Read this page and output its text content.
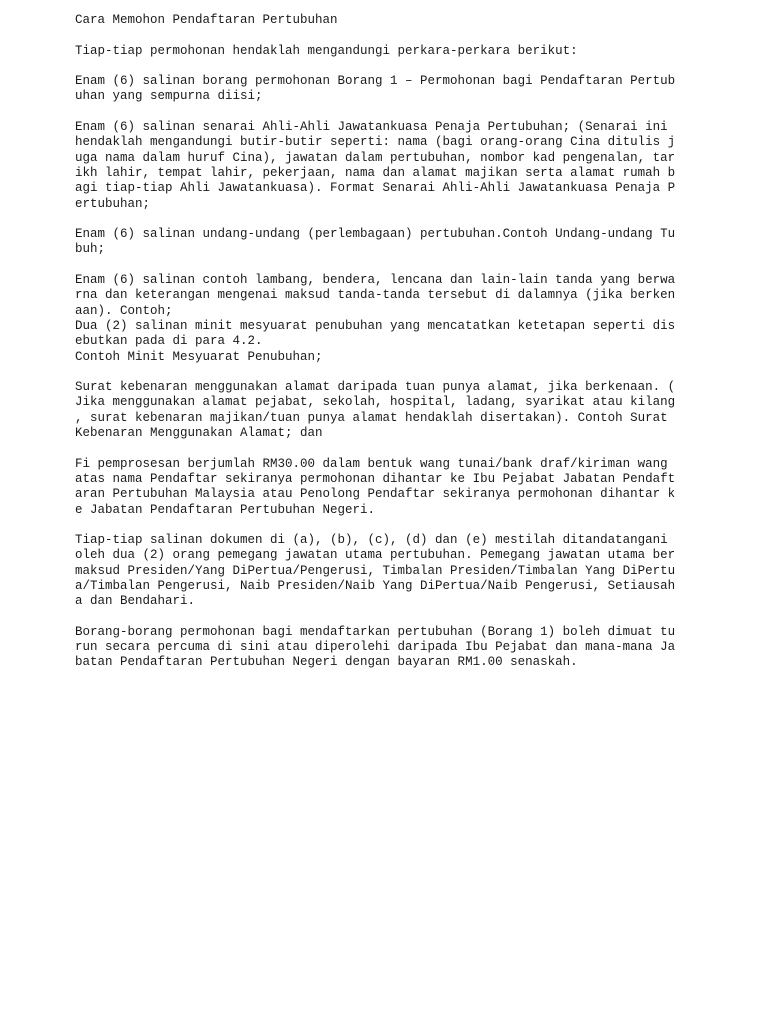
Cara Memohon Pendaftaran Pertubuhan
Tiap-tiap permohonan hendaklah mengandungi perkara-perkara berikut:
Enam (6) salinan borang permohonan Borang 1 – Permohonan bagi Pendaftaran Pertub
uhan yang sempurna diisi;
Enam (6) salinan senarai Ahli-Ahli Jawatankuasa Penaja Pertubuhan; (Senarai ini
hendaklah mengandungi butir-butir seperti: nama (bagi orang-orang Cina ditulis j
uga nama dalam huruf Cina), jawatan dalam pertubuhan, nombor kad pengenalan, tar
ikh lahir, tempat lahir, pekerjaan, nama dan alamat majikan serta alamat rumah b
agi tiap-tiap Ahli Jawatankuasa). Format Senarai Ahli-Ahli Jawatankuasa Penaja P
ertubuhan;
Enam (6) salinan undang-undang (perlembagaan) pertubuhan.Contoh Undang-undang Tu
buh;
Enam (6) salinan contoh lambang, bendera, lencana dan lain-lain tanda yang berwa
rna dan keterangan mengenai maksud tanda-tanda tersebut di dalamnya (jika berken
aan). Contoh;
Dua (2) salinan minit mesyuarat penubuhan yang mencatatkan ketetapan seperti dis
ebutkan pada di para 4.2.
Contoh Minit Mesyuarat Penubuhan;
Surat kebenaran menggunakan alamat daripada tuan punya alamat, jika berkenaan. (
Jika menggunakan alamat pejabat, sekolah, hospital, ladang, syarikat atau kilang
, surat kebenaran majikan/tuan punya alamat hendaklah disertakan). Contoh Surat
Kebenaran Menggunakan Alamat; dan
Fi pemprosesan berjumlah RM30.00 dalam bentuk wang tunai/bank draf/kiriman wang
atas nama Pendaftar sekiranya permohonan dihantar ke Ibu Pejabat Jabatan Pendaft
aran Pertubuhan Malaysia atau Penolong Pendaftar sekiranya permohonan dihantar k
e Jabatan Pendaftaran Pertubuhan Negeri.
Tiap-tiap salinan dokumen di (a), (b), (c), (d) dan (e) mestilah ditandatangani
oleh dua (2) orang pemegang jawatan utama pertubuhan. Pemegang jawatan utama ber
maksud Presiden/Yang DiPertua/Pengerusi, Timbalan Presiden/Timbalan Yang DiPertu
a/Timbalan Pengerusi, Naib Presiden/Naib Yang DiPertua/Naib Pengerusi, Setiausah
a dan Bendahari.
Borang-borang permohonan bagi mendaftarkan pertubuhan (Borang 1) boleh dimuat tu
run secara percuma di sini atau diperolehi daripada Ibu Pejabat dan mana-mana Ja
batan Pendaftaran Pertubuhan Negeri dengan bayaran RM1.00 senaskah.
